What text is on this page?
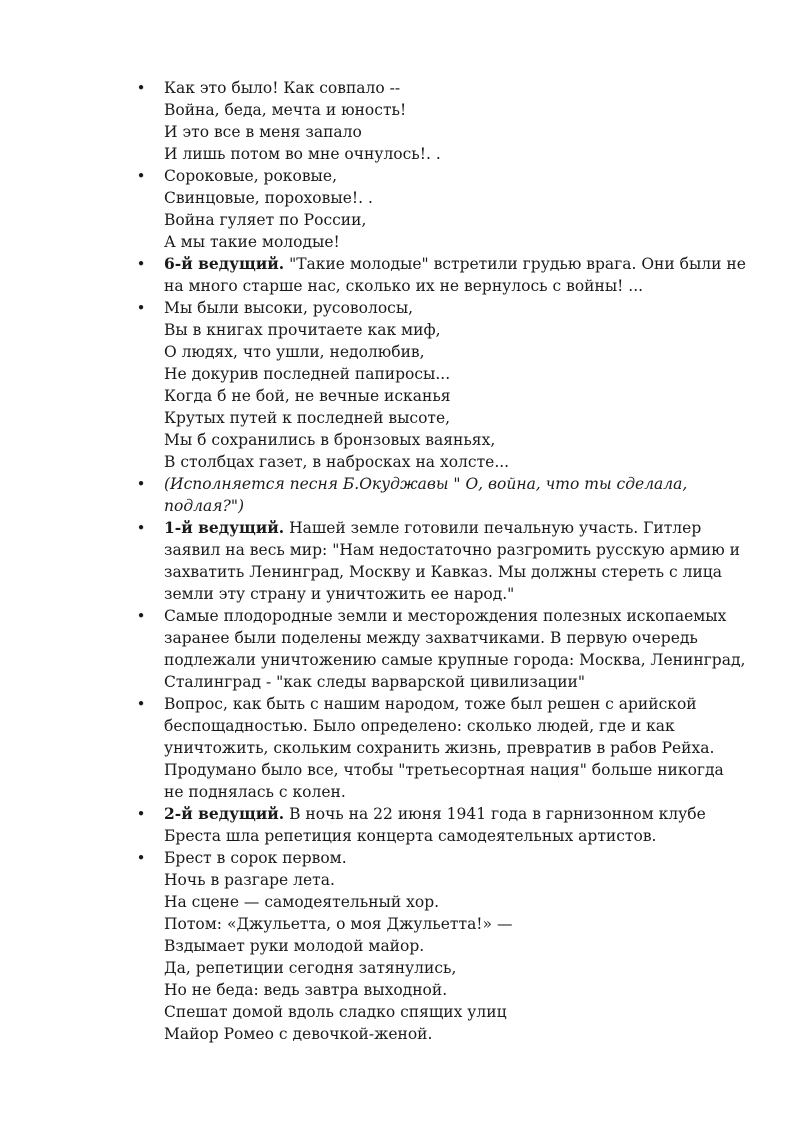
• Как это было! Как совпало --
Война, беда, мечта и юность!
И это все в меня запало
И лишь потом во мне очнулось!. .
• Сороковые, роковые,
Свинцовые, пороховые!. .
Война гуляет по России,
А мы такие молодые!
• 6-й ведущий. "Такие молодые" встретили грудью врага. Они были не
на много старше нас, сколько их не вернулось с войны! ...
• Мы были высоки, русоволосы,
Вы в книгах прочитаете как миф,
О людях, что ушли, недолюбив,
Не докурив последней папиросы...
Когда б не бой, не вечные исканья
Крутых путей к последней высоте,
Мы б сохранились в бронзовых ваяньях,
В столбцах газет, в набросках на холсте...
• (Исполняется песня Б.Окуджавы " О, война, что ты сделала,
подлая?")
• 1-й ведущий. Нашей земле готовили печальную участь. Гитлер
заявил на весь мир: "Нам недостаточно разгромить русскую армию и
захватить Ленинград, Москву и Кавказ. Мы должны стереть с лица
земли эту страну и уничтожить ее народ."
• Самые плодородные земли и месторождения полезных ископаемых
заранее были поделены между захватчиками. В первую очередь
подлежали уничтожению самые крупные города: Москва, Ленинград,
Сталинград - "как следы варварской цивилизации"
• Вопрос, как быть с нашим народом, тоже был решен с арийской
беспощадностью. Было определено: сколько людей, где и как
уничтожить, скольким сохранить жизнь, превратив в рабов Рейха.
Продумано было все, чтобы "третьесортная нация" больше никогда
не поднялась с колен.
• 2-й ведущий. В ночь на 22 июня 1941 года в гарнизонном клубе
Бреста шла репетиция концерта самодеятельных артистов.
• Брест в сорок первом.
Ночь в разгаре лета.
На сцене — самодеятельный хор.
Потом: «Джульетта, о моя Джульетта!» —
Вздымает руки молодой майор.
Да, репетиции сегодня затянулись,
Но не беда: ведь завтра выходной.
Спешат домой вдоль сладко спящих улиц
Майор Ромео с девочкой-женой.
